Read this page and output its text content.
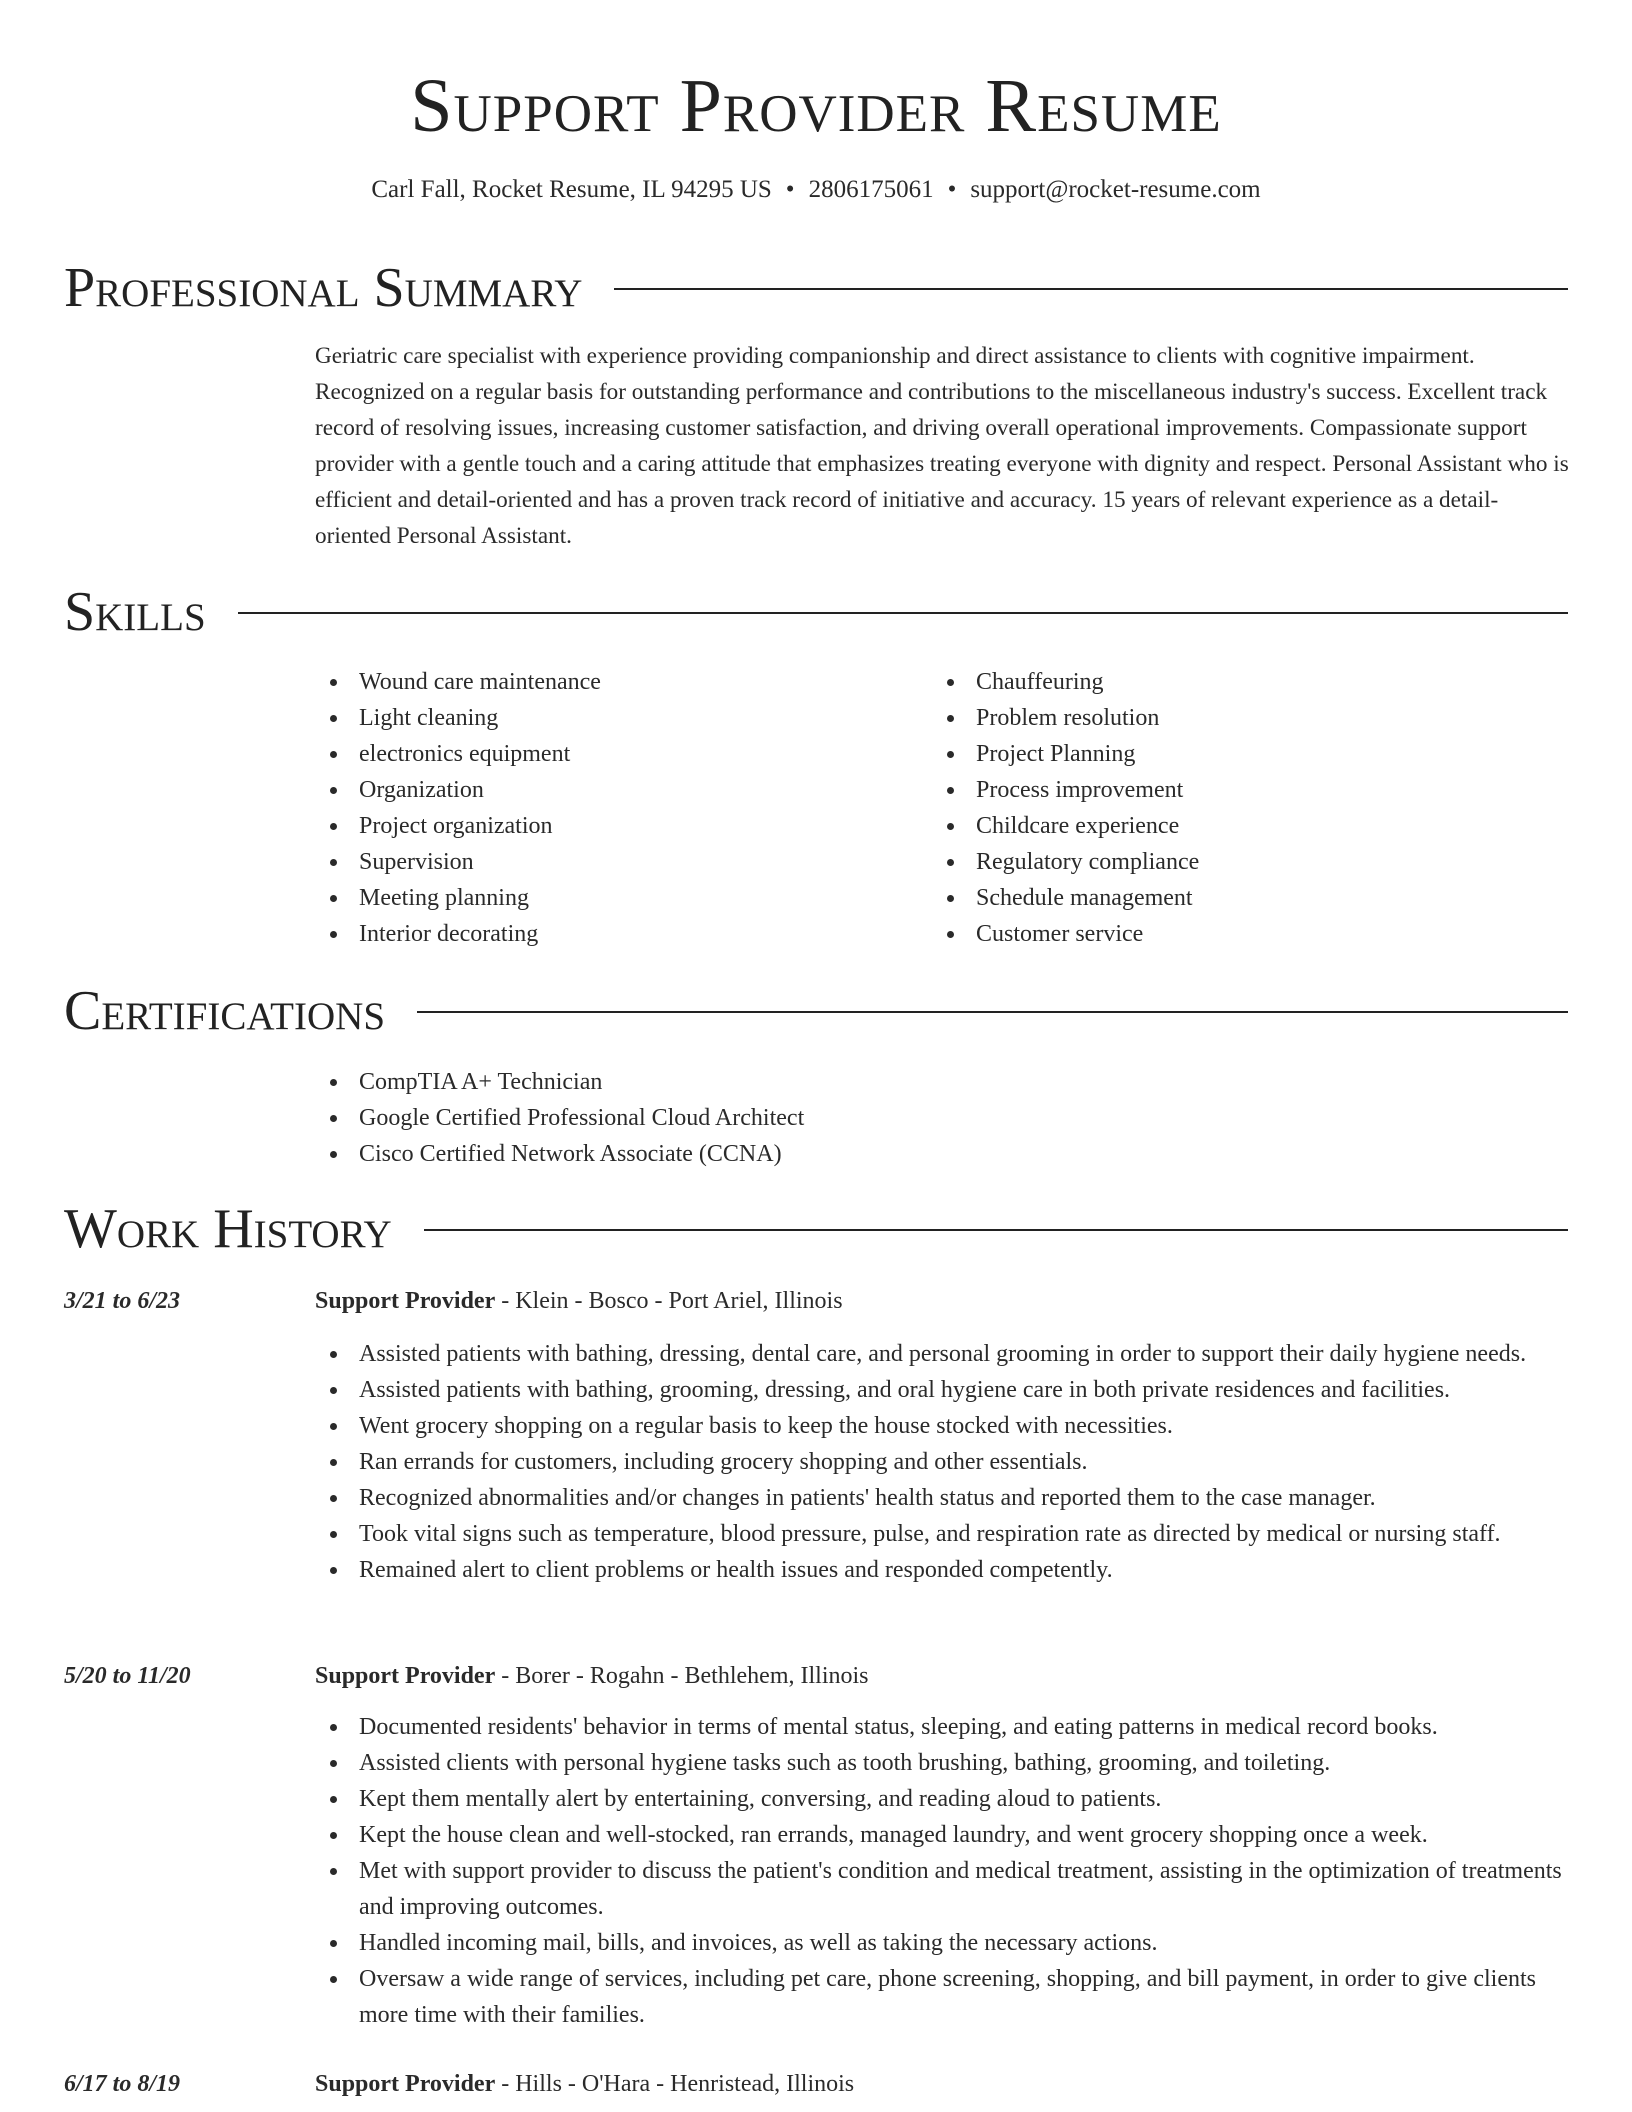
Support Provider Resume
Carl Fall, Rocket Resume, IL 94295 US • 2806175061 • support@rocket-resume.com
Professional Summary
Geriatric care specialist with experience providing companionship and direct assistance to clients with cognitive impairment. Recognized on a regular basis for outstanding performance and contributions to the miscellaneous industry's success. Excellent track record of resolving issues, increasing customer satisfaction, and driving overall operational improvements. Compassionate support provider with a gentle touch and a caring attitude that emphasizes treating everyone with dignity and respect. Personal Assistant who is efficient and detail-oriented and has a proven track record of initiative and accuracy. 15 years of relevant experience as a detail-oriented Personal Assistant.
Skills
Wound care maintenance
Light cleaning
electronics equipment
Organization
Project organization
Supervision
Meeting planning
Interior decorating
Chauffeuring
Problem resolution
Project Planning
Process improvement
Childcare experience
Regulatory compliance
Schedule management
Customer service
Certifications
CompTIA A+ Technician
Google Certified Professional Cloud Architect
Cisco Certified Network Associate (CCNA)
Work History
3/21 to 6/23	Support Provider - Klein - Bosco - Port Ariel, Illinois
Assisted patients with bathing, dressing, dental care, and personal grooming in order to support their daily hygiene needs.
Assisted patients with bathing, grooming, dressing, and oral hygiene care in both private residences and facilities.
Went grocery shopping on a regular basis to keep the house stocked with necessities.
Ran errands for customers, including grocery shopping and other essentials.
Recognized abnormalities and/or changes in patients' health status and reported them to the case manager.
Took vital signs such as temperature, blood pressure, pulse, and respiration rate as directed by medical or nursing staff.
Remained alert to client problems or health issues and responded competently.
5/20 to 11/20	Support Provider - Borer - Rogahn - Bethlehem, Illinois
Documented residents' behavior in terms of mental status, sleeping, and eating patterns in medical record books.
Assisted clients with personal hygiene tasks such as tooth brushing, bathing, grooming, and toileting.
Kept them mentally alert by entertaining, conversing, and reading aloud to patients.
Kept the house clean and well-stocked, ran errands, managed laundry, and went grocery shopping once a week.
Met with support provider to discuss the patient's condition and medical treatment, assisting in the optimization of treatments and improving outcomes.
Handled incoming mail, bills, and invoices, as well as taking the necessary actions.
Oversaw a wide range of services, including pet care, phone screening, shopping, and bill payment, in order to give clients more time with their families.
6/17 to 8/19	Support Provider - Hills - O'Hara - Henristead, Illinois
